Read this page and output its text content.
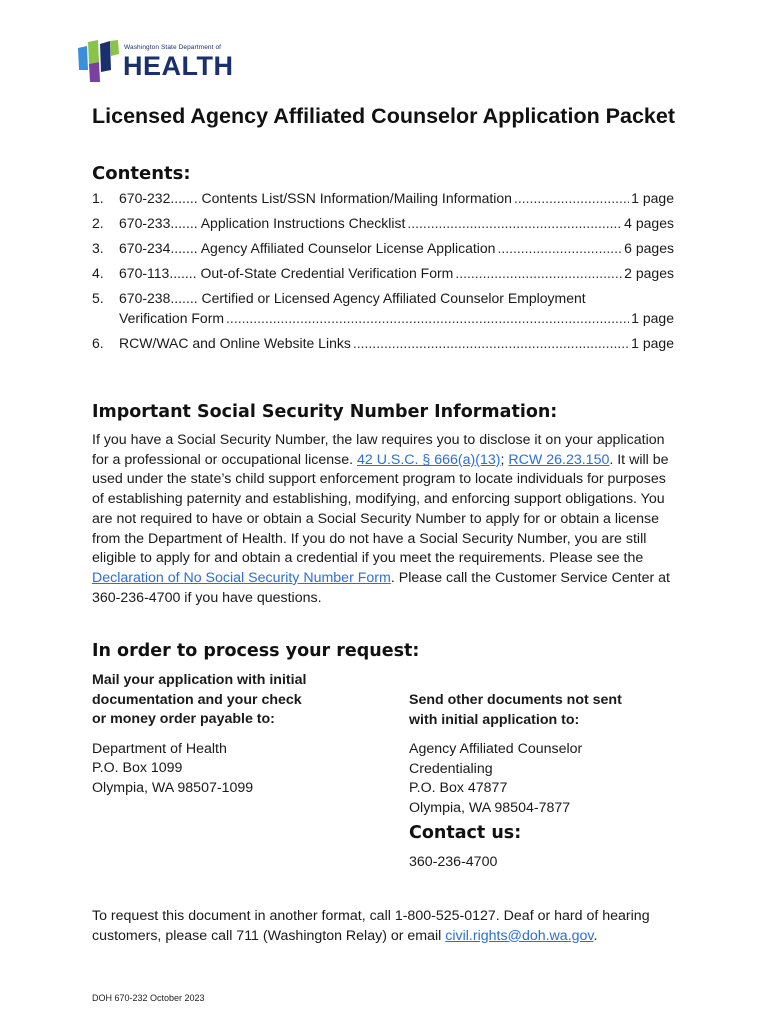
Washington State Department of
HEALTH
Licensed Agency Affiliated Counselor Application Packet
Contents:
1.	670-232....... Contents List/SSN Information/Mailing Information .....	1 page
2.	670-233....... Application Instructions Checklist .....	4 pages
3.	670-234....... Agency Affiliated Counselor License Application .....	6 pages
4.	670-113....... Out-of-State Credential Verification Form .....	2 pages
5.	670-238....... Certified or Licensed Agency Affiliated Counselor Employment
Verification Form .....	1 page
6.	RCW/WAC and Online Website Links .....	1 page
Important Social Security Number Information:

If you have a Social Security Number, the law requires you to disclose it on your application for a professional or occupational license. 42 U.S.C. § 666(a)(13); RCW 26.23.150. It will be used under the state’s child support enforcement program to locate individuals for purposes of establishing paternity and establishing, modifying, and enforcing support obligations. You are not required to have or obtain a Social Security Number to apply for or obtain a license from the Department of Health. If you do not have a Social Security Number, you are still eligible to apply for and obtain a credential if you meet the requirements. Please see the Declaration of No Social Security Number Form. Please call the Customer Service Center at 360-236-4700 if you have questions.

In order to process your request:

Mail your application with initial

documentation and your check

or money order payable to:

Department of Health

P.O. Box 1099

Olympia, WA 98507-1099

Send other documents not sent

with initial application to:

Agency Affiliated Counselor

Credentialing

P.O. Box 47877

Olympia, WA 98504-7877

Contact us:
360-236-4700

To request this document in another format, call 1-800-525-0127. Deaf or hard of hearing customers, please call 711 (Washington Relay) or email civil.rights@doh.wa.gov.

DOH 670-232 October 2023
